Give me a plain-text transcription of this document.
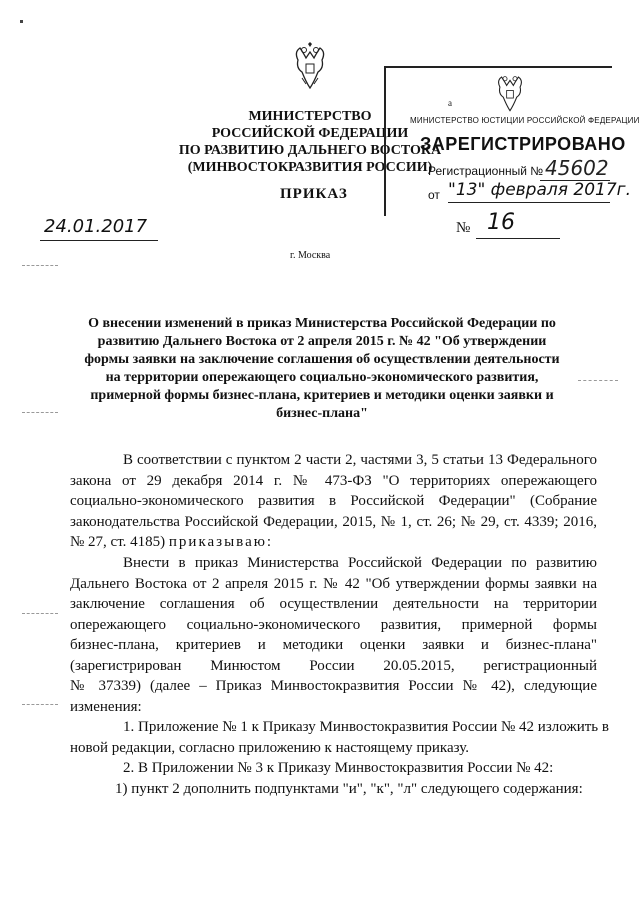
МИНИСТЕРСТВО
РОССИЙСКОЙ ФЕДЕРАЦИИ
ПО РАЗВИТИЮ ДАЛЬНЕГО ВОСТОКА
(МИНВОСТОКРАЗВИТИЯ РОССИИ)
а
МИНИСТЕРСТВО ЮСТИЦИИ РОССИЙСКОЙ ФЕДЕРАЦИИ
ЗАРЕГИСТРИРОВАНО
Регистрационный № 45602
от "13" февраля 2017г.
ПРИКАЗ
24.01.2017	№ 16
г. Москва
О внесении изменений в приказ Министерства Российской Федерации по
развитию Дальнего Востока от 2 апреля 2015 г. № 42 "Об утверждении
формы заявки на заключение соглашения об осуществлении деятельности
на территории опережающего социально-экономического развития,
примерной формы бизнес-плана, критериев и методики оценки заявки и
бизнес-плана"
В соответствии с пунктом 2 части 2, частями 3, 5 статьи 13 Федерального
закона от 29 декабря 2014 г. № 473-ФЗ "О территориях опережающего
социально-экономического развития в Российской Федерации" (Собрание
законодательства Российской Федерации, 2015, № 1, ст. 26; № 29, ст. 4339; 2016,
№ 27, ст. 4185) приказываю:
Внести в приказ Министерства Российской Федерации по развитию
Дальнего Востока от 2 апреля 2015 г. № 42 "Об утверждении формы заявки на
заключение соглашения об осуществлении деятельности на территории
опережающего социально-экономического развития, примерной формы
бизнес-плана, критериев и методики оценки заявки и бизнес-плана"
(зарегистрирован Минюстом России 20.05.2015, регистрационный
№ 37339) (далее – Приказ Минвостокразвития России № 42), следующие
изменения:
1. Приложение № 1 к Приказу Минвостокразвития России № 42 изложить в
новой редакции, согласно приложению к настоящему приказу.
2. В Приложении № 3 к Приказу Минвостокразвития России № 42:
1) пункт 2 дополнить подпунктами "и", "к", "л" следующего содержания:
